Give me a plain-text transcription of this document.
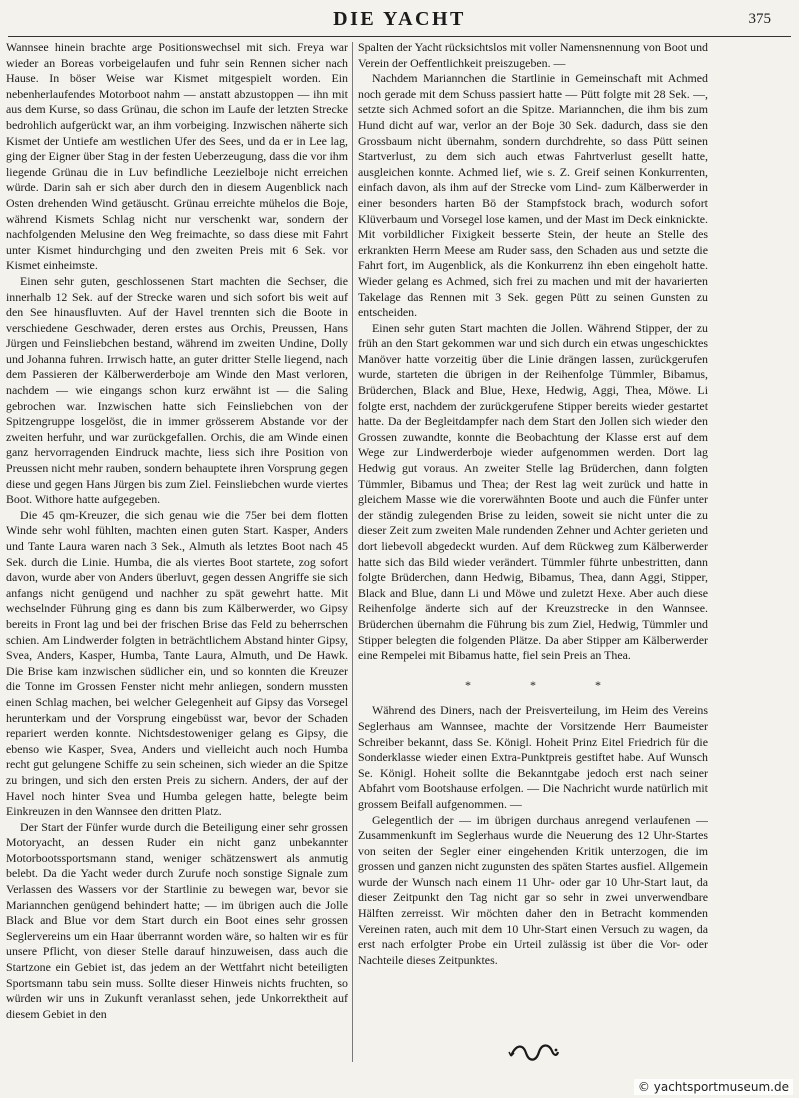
DIE YACHT	375

Wannsee hinein brachte arge Positionswechsel mit sich. Freya war wieder an Boreas vorbeigelaufen und fuhr sein Rennen sicher nach Hause. In böser Weise war Kismet mitgespielt worden. Ein nebenherlaufendes Motorboot nahm — anstatt abzustoppen — ihn mit aus dem Kurse, so dass Grünau, die schon im Laufe der letzten Strecke bedrohlich aufgerückt war, an ihm vorbeiging. Inzwischen näherte sich Kismet der Untiefe am westlichen Ufer des Sees, und da er in Lee lag, ging der Eigner über Stag in der festen Ueberzeugung, dass die vor ihm liegende Grünau die in Luv befindliche Leezielboje nicht erreichen würde. Darin sah er sich aber durch den in diesem Augenblick nach Osten drehenden Wind getäuscht. Grünau erreichte mühelos die Boje, während Kismets Schlag nicht nur verschenkt war, sondern der nachfolgenden Melusine den Weg freimachte, so dass diese mit Fahrt unter Kismet hindurchging und den zweiten Preis mit 6 Sek. vor Kismet einheimste.

Einen sehr guten, geschlossenen Start machten die Sechser, die innerhalb 12 Sek. auf der Strecke waren und sich sofort bis weit auf den See hinausfluvten. Auf der Havel trennten sich die Boote in verschiedene Geschwader, deren erstes aus Orchis, Preussen, Hans Jürgen und Feinsliebchen bestand, während im zweiten Undine, Dolly und Johanna fuhren. Irrwisch hatte, an guter dritter Stelle liegend, nach dem Passieren der Kälberwerderboje am Winde den Mast verloren, nachdem — wie eingangs schon kurz erwähnt ist — die Saling gebrochen war. Inzwischen hatte sich Feinsliebchen von der Spitzengruppe losgelöst, die in immer grösserem Abstande vor der zweiten herfuhr, und war zurückgefallen. Orchis, die am Winde einen ganz hervorragenden Eindruck machte, liess sich ihre Position von Preussen nicht mehr rauben, sondern behauptete ihren Vorsprung gegen diese und gegen Hans Jürgen bis zum Ziel. Feinsliebchen wurde viertes Boot. Withore hatte aufgegeben.

Die 45 qm-Kreuzer, die sich genau wie die 75er bei dem flotten Winde sehr wohl fühlten, machten einen guten Start. Kasper, Anders und Tante Laura waren nach 3 Sek., Almuth als letztes Boot nach 45 Sek. durch die Linie. Humba, die als viertes Boot startete, zog sofort davon, wurde aber von Anders überluvt, gegen dessen Angriffe sie sich anfangs nicht genügend und nachher zu spät gewehrt hatte. Mit wechselnder Führung ging es dann bis zum Kälberwerder, wo Gipsy bereits in Front lag und bei der frischen Brise das Feld zu beherrschen schien. Am Lindwerder folgten in beträchtlichem Abstand hinter Gipsy, Svea, Anders, Kasper, Humba, Tante Laura, Almuth, und De Hawk. Die Brise kam inzwischen südlicher ein, und so konnten die Kreuzer die Tonne im Grossen Fenster nicht mehr anliegen, sondern mussten einen Schlag machen, bei welcher Gelegenheit auf Gipsy das Vorsegel herunterkam und der Vorsprung eingebüsst war, bevor der Schaden repariert werden konnte. Nichtsdestoweniger gelang es Gipsy, die ebenso wie Kasper, Svea, Anders und vielleicht auch noch Humba recht gut gelungene Schiffe zu sein scheinen, sich wieder an die Spitze zu bringen, und sich den ersten Preis zu sichern. Anders, der auf der Havel noch hinter Svea und Humba gelegen hatte, belegte beim Einkreuzen in den Wannsee den dritten Platz.

Der Start der Fünfer wurde durch die Beteiligung einer sehr grossen Motoryacht, an dessen Ruder ein nicht ganz unbekannter Motorbootssportsmann stand, weniger schätzenswert als anmutig belebt. Da die Yacht weder durch Zurufe noch sonstige Signale zum Verlassen des Wassers vor der Startlinie zu bewegen war, bevor sie Mariannchen genügend behindert hatte; — im übrigen auch die Jolle Black and Blue vor dem Start durch ein Boot eines sehr grossen Seglervereins um ein Haar überrannt worden wäre, so halten wir es für unsere Pflicht, von dieser Stelle darauf hinzuweisen, dass auch die Startzone ein Gebiet ist, das jedem an der Wettfahrt nicht beteiligten Sportsmann tabu sein muss. Sollte dieser Hinweis nichts fruchten, so würden wir uns in Zukunft veranlasst sehen, jede Unkorrektheit auf diesem Gebiet in den

Spalten der Yacht rücksichtslos mit voller Namensnennung von Boot und Verein der Oeffentlichkeit preiszugeben. —

Nachdem Mariannchen die Startlinie in Gemeinschaft mit Achmed noch gerade mit dem Schuss passiert hatte — Pütt folgte mit 28 Sek. —, setzte sich Achmed sofort an die Spitze. Mariannchen, die ihm bis zum Hund dicht auf war, verlor an der Boje 30 Sek. dadurch, dass sie den Grossbaum nicht übernahm, sondern durchdrehte, so dass Pütt seinen Startverlust, zu dem sich auch etwas Fahrtverlust gesellt hatte, ausgleichen konnte. Achmed lief, wie s. Z. Greif seinen Konkurrenten, einfach davon, als ihm auf der Strecke vom Lind- zum Kälberwerder in einer besonders harten Bö der Stampfstock brach, wodurch sofort Klüverbaum und Vorsegel lose kamen, und der Mast im Deck einknickte. Mit vorbildlicher Fixigkeit besserte Stein, der heute an Stelle des erkrankten Herrn Meese am Ruder sass, den Schaden aus und setzte die Fahrt fort, im Augenblick, als die Konkurrenz ihn eben eingeholt hatte. Wieder gelang es Achmed, sich frei zu machen und mit der havarierten Takelage das Rennen mit 3 Sek. gegen Pütt zu seinen Gunsten zu entscheiden.

Einen sehr guten Start machten die Jollen. Während Stipper, der zu früh an den Start gekommen war und sich durch ein etwas ungeschicktes Manöver hatte vorzeitig über die Linie drängen lassen, zurückgerufen wurde, starteten die übrigen in der Reihenfolge Tümmler, Bibamus, Brüderchen, Black and Blue, Hexe, Hedwig, Aggi, Thea, Möwe. Li folgte erst, nachdem der zurückgerufene Stipper bereits wieder gestartet hatte. Da der Begleitdampfer nach dem Start den Jollen sich wieder den Grossen zuwandte, konnte die Beobachtung der Klasse erst auf dem Wege zur Lindwerderboje wieder aufgenommen werden. Dort lag Hedwig gut voraus. An zweiter Stelle lag Brüderchen, dann folgten Tümmler, Bibamus und Thea; der Rest lag weit zurück und hatte in gleichem Masse wie die vorerwähnten Boote und auch die Fünfer unter der ständig zulegenden Brise zu leiden, soweit sie nicht unter die zu dieser Zeit zum zweiten Male rundenden Zehner und Achter gerieten und dort liebevoll abgedeckt wurden. Auf dem Rückweg zum Kälberwerder hatte sich das Bild wieder verändert. Tümmler führte unbestritten, dann folgte Brüderchen, dann Hedwig, Bibamus, Thea, dann Aggi, Stipper, Black and Blue, dann Li und Möwe und zuletzt Hexe. Aber auch diese Reihenfolge änderte sich auf der Kreuzstrecke in den Wannsee. Brüderchen übernahm die Führung bis zum Ziel, Hedwig, Tümmler und Stipper belegten die folgenden Plätze. Da aber Stipper am Kälberwerder eine Rempelei mit Bibamus hatte, fiel sein Preis an Thea.

* * *

Während des Diners, nach der Preisverteilung, im Heim des Vereins Seglerhaus am Wannsee, machte der Vorsitzende Herr Baumeister Schreiber bekannt, dass Se. Königl. Hoheit Prinz Eitel Friedrich für die Sonderklasse wieder einen Extra-Punktpreis gestiftet habe. Auf Wunsch Se. Königl. Hoheit sollte die Bekanntgabe jedoch erst nach seiner Abfahrt vom Bootshause erfolgen. — Die Nachricht wurde natürlich mit grossem Beifall aufgenommen. —

Gelegentlich der — im übrigen durchaus anregend verlaufenen — Zusammenkunft im Seglerhaus wurde die Neuerung des 12 Uhr-Startes von seiten der Segler einer eingehenden Kritik unterzogen, die im grossen und ganzen nicht zugunsten des späten Startes ausfiel. Allgemein wurde der Wunsch nach einem 11 Uhr- oder gar 10 Uhr-Start laut, da dieser Zeitpunkt den Tag nicht gar so sehr in zwei unverwendbare Hälften zerreisst. Wir möchten daher den in Betracht kommenden Vereinen raten, auch mit dem 10 Uhr-Start einen Versuch zu wagen, da erst nach erfolgter Probe ein Urteil zulässig ist über die Vor- oder Nachteile dieses Zeitpunktes.

© yachtsportmuseum.de
